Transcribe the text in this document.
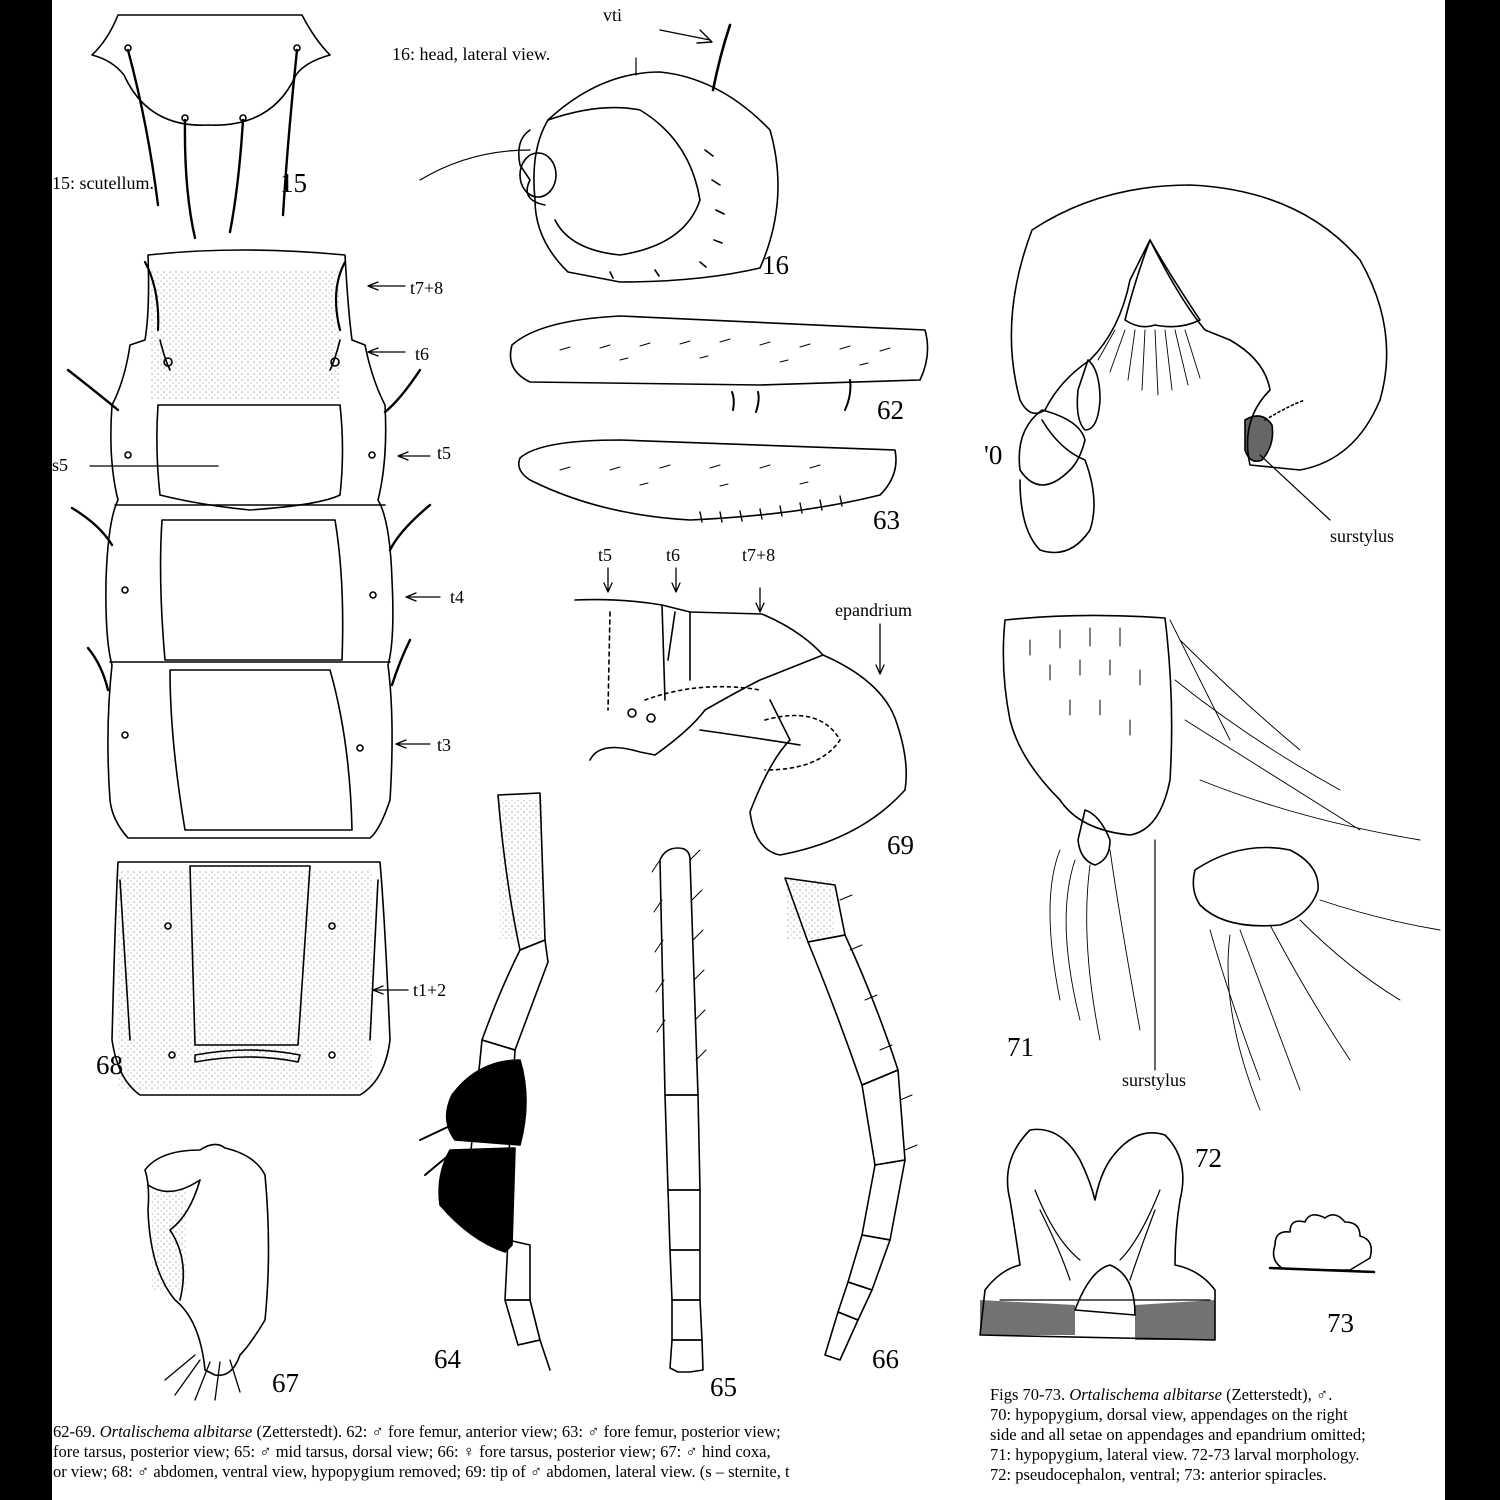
vti
16: head, lateral view.
15: scutellum.
t7+8
t6
s5
t5
t4
t3
t1+2
t5	t6	t7+8
epandrium
surstylus
surstylus
15
16
62
63
'0
69
71
68
72
73
64	66
67	65
62-69. Ortalischema albitarse (Zetterstedt). 62: ♂ fore femur, anterior view; 63: ♂ fore femur, posterior view;
fore tarsus, posterior view; 65: ♂ mid tarsus, dorsal view; 66: ♀ fore tarsus, posterior view; 67: ♂ hind coxa,
or view; 68: ♂ abdomen, ventral view, hypopygium removed; 69: tip of ♂ abdomen, lateral view. (s – sternite, t
Figs 70-73. Ortalischema albitarse (Zetterstedt), ♂.
70: hypopygium, dorsal view, appendages on the right
side and all setae on appendages and epandrium omitted;
71: hypopygium, lateral view. 72-73 larval morphology.
72: pseudocephalon, ventral; 73: anterior spiracles.
